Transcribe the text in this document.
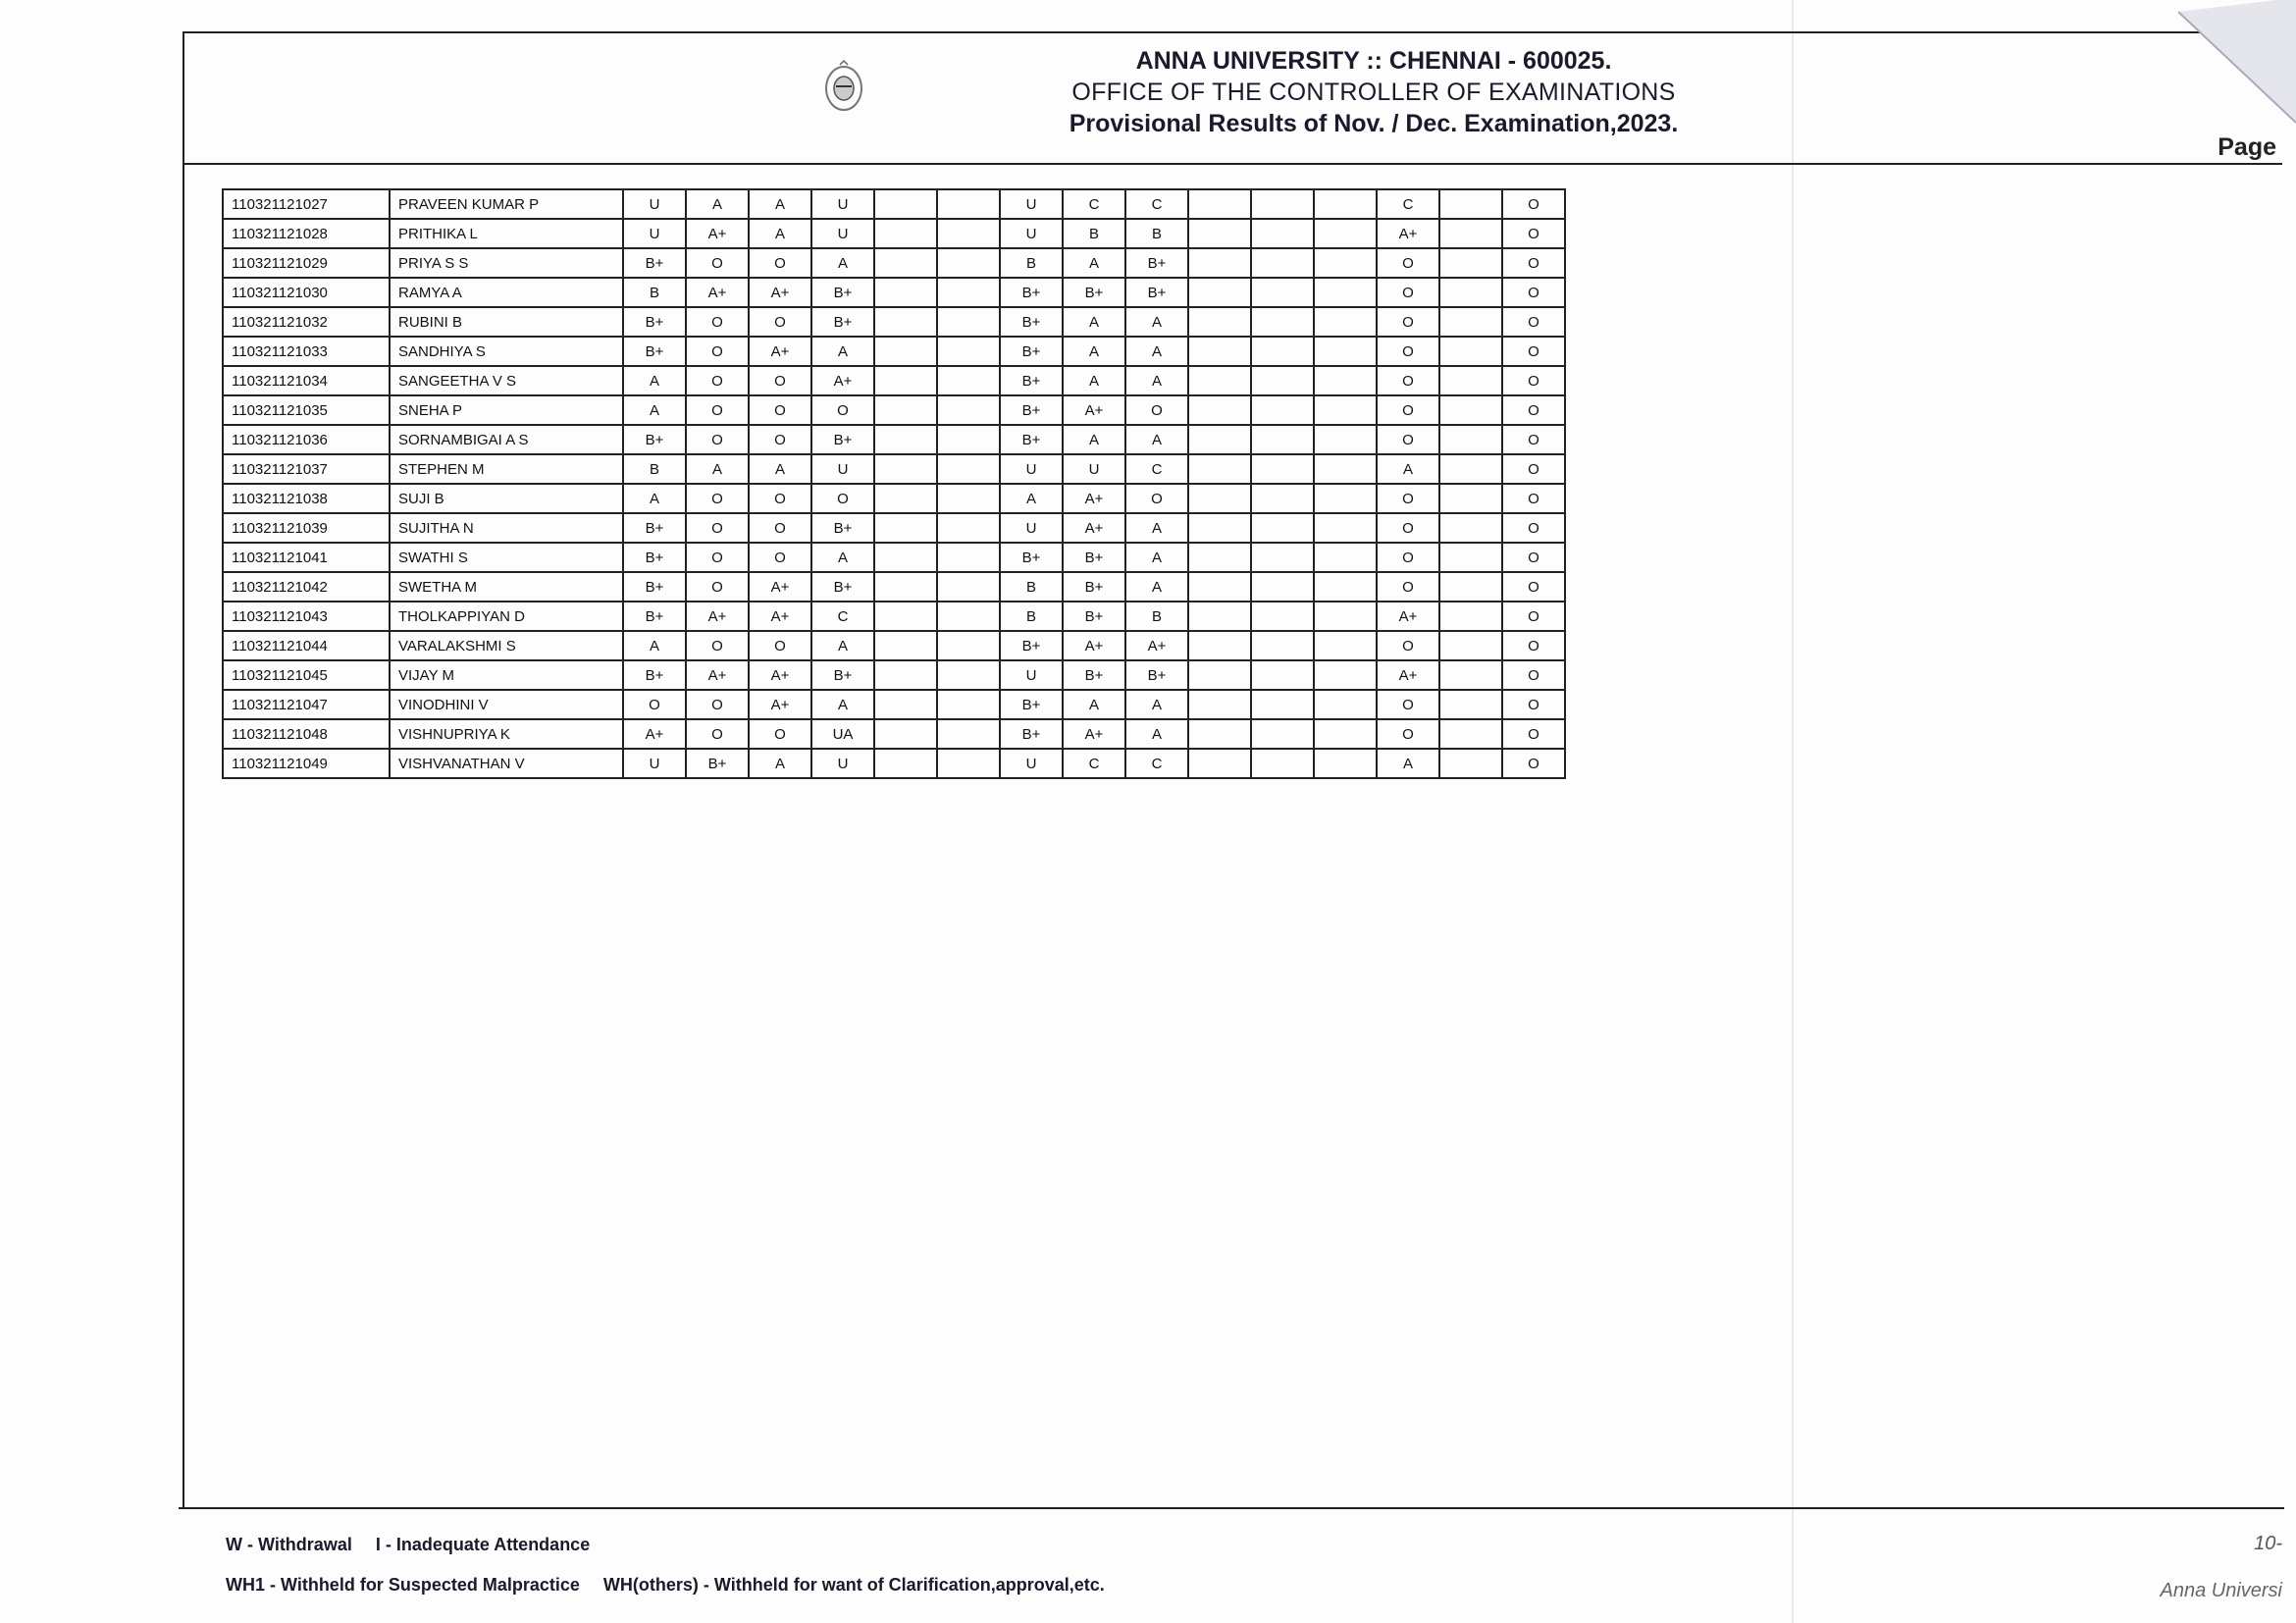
ANNA UNIVERSITY :: CHENNAI - 600025.
OFFICE OF THE CONTROLLER OF EXAMINATIONS
Provisional Results of Nov. / Dec. Examination,2023.
Page
110321121027	PRAVEEN KUMAR P	U	A	A	U			U	C	C				C		O
110321121028	PRITHIKA L	U	A+	A	U			U	B	B				A+		O
110321121029	PRIYA S S	B+	O	O	A			B	A	B+				O		O
110321121030	RAMYA A	B	A+	A+	B+			B+	B+	B+				O		O
110321121032	RUBINI B	B+	O	O	B+			B+	A	A				O		O
110321121033	SANDHIYA S	B+	O	A+	A			B+	A	A				O		O
110321121034	SANGEETHA V S	A	O	O	A+			B+	A	A				O		O
110321121035	SNEHA P	A	O	O	O			B+	A+	O				O		O
110321121036	SORNAMBIGAI A S	B+	O	O	B+			B+	A	A				O		O
110321121037	STEPHEN M	B	A	A	U			U	U	C				A		O
110321121038	SUJI B	A	O	O	O			A	A+	O				O		O
110321121039	SUJITHA N	B+	O	O	B+			U	A+	A				O		O
110321121041	SWATHI S	B+	O	O	A			B+	B+	A				O		O
110321121042	SWETHA M	B+	O	A+	B+			B	B+	A				O		O
110321121043	THOLKAPPIYAN D	B+	A+	A+	C			B	B+	B				A+		O
110321121044	VARALAKSHMI S	A	O	O	A			B+	A+	A+				O		O
110321121045	VIJAY M	B+	A+	A+	B+			U	B+	B+				A+		O
110321121047	VINODHINI V	O	O	A+	A			B+	A	A				O		O
110321121048	VISHNUPRIYA K	A+	O	O	UA			B+	A+	A				O		O
110321121049	VISHVANATHAN V	U	B+	A	U			U	C	C				A		O
W - Withdrawal I - Inadequate Attendance
WH1 - Withheld for Suspected Malpractice WH(others) - Withheld for want of Clarification,approval,etc.
10-
Anna Universi
